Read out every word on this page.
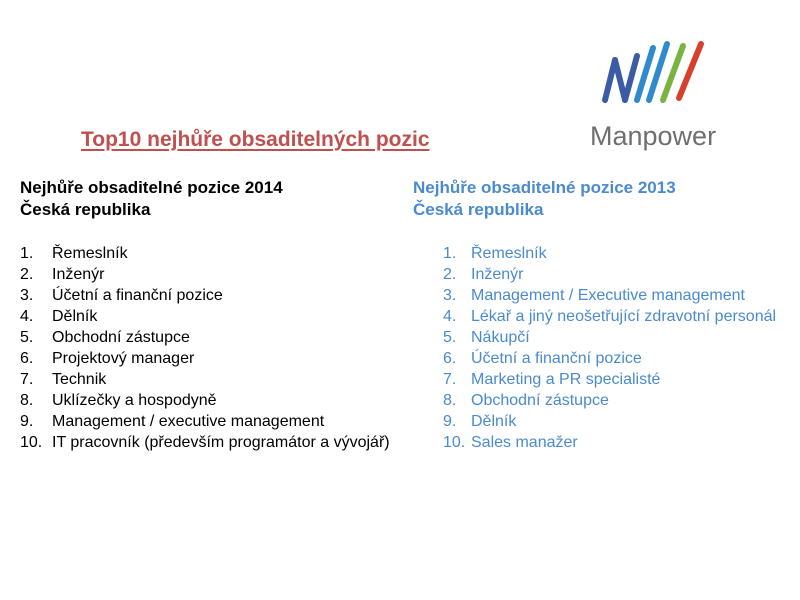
Top10 nejhůře obsaditelných pozic	Manpower
Nejhůře obsaditelné pozice 2014
Česká republika
1.	Řemeslník
2.	Inženýr
3.	Účetní a finanční pozice
4.	Dělník
5.	Obchodní zástupce
6.	Projektový manager
7.	Technik
8.	Uklízečky a hospodyně
9.	Management / executive management
10. IT pracovník (především programátor a vývojář)
Nejhůře obsaditelné pozice 2013
Česká republika
1. Řemeslník
2. Inženýr
3. Management / Executive management
4. Lékař a jiný neošetřující zdravotní personál
5. Nákupčí
6. Účetní a finanční pozice
7. Marketing a PR specialisté
8. Obchodní zástupce
9. Dělník
10. Sales manažer
